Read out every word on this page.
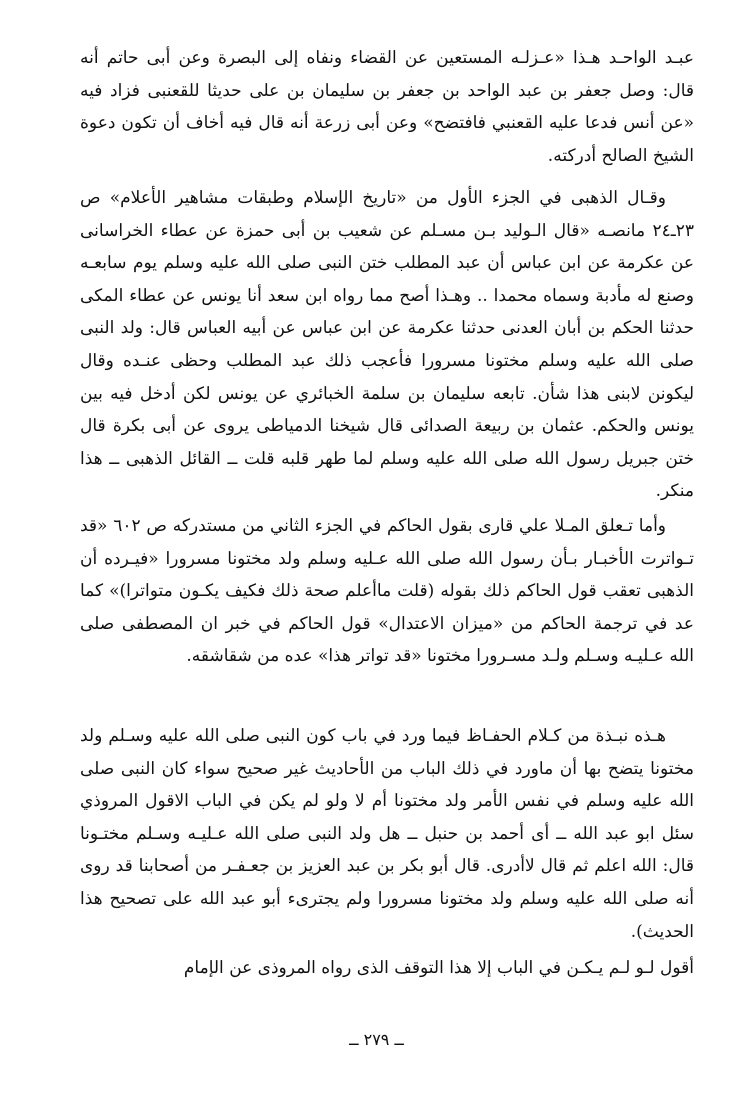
عبـد الواحـد هـذا «عـزلـه المستعين عن القضاء ونفاه إلى البصرة وعن أبى حاتم أنه قال: وصل جعفر بن عبد الواحد بن جعفر بن سليمان بن على حديثا للقعنبى فزاد فيه «عن أنس فدعا عليه القعنبي فافتضح» وعن أبى زرعة أنه قال فيه أخاف أن تكون دعوة الشيخ الصالح أدركته.

وقـال الذهبى في الجزء الأول من «تاريخ الإسلام وطبقات مشاهير الأعلام» ص ٢٣ـ٢٤ مانصـه «قال الـوليد بـن مسـلم عن شعيب بن أبى حمزة عن عطاء الخراسانى عن عكرمة عن ابن عباس أن عبد المطلب ختن النبى صلى الله عليه وسلم يوم سابعـه وصنع له مأدبة وسماه محمدا .. وهـذا أصح مما رواه ابن سعد أنا يونس عن عطاء المكى حدثنا الحكم بن أبان العدنى حدثنا عكرمة عن ابن عباس عن أبيه العباس قال: ولد النبى صلى الله عليه وسلم مختونا مسرورا فأعجب ذلك عبد المطلب وحظى عنـده وقال ليكونن لابنى هذا شأن. تابعه سليمان بن سلمة الخبائري عن يونس لكن أدخل فيه بين يونس والحكم. عثمان بن ربيعة الصدائى قال شيخنا الدمياطى يروى عن أبى بكرة قال ختن جبريل رسول الله صلى الله عليه وسلم لما طهر قلبه قلت ــ القائل الذهبى ــ هذا منكر.

وأما تـعلق المـلا علي قارى بقول الحاكم في الجزء الثاني من مستدركه ص ٦٠٢ «قد تـواترت الأخبـار بـأن رسول الله صلى الله عـليه وسلم ولد مختونا مسرورا «فيـرده أن الذهبى تعقب قول الحاكم ذلك بقوله (قلت ماأعلم صحة ذلك فكيف يكـون متواترا)» كما عد في ترجمة الحاكم من «ميزان الاعتدال» قول الحاكم في خبر ان المصطفى صلى الله عـليـه وسـلم ولـد مسـرورا مختونا «قد تواتر هذا» عده من شقاشقه.

هـذه نبـذة من كـلام الحفـاظ فيما ورد في باب كون النبى صلى الله عليه وسـلم ولد مختونا يتضح بها أن ماورد في ذلك الباب من الأحاديث غير صحيح سواء كان النبى صلى الله عليه وسلم في نفس الأمر ولد مختونا أم لا ولو لم يكن في الباب الاقول المروذي سئل ابو عبد الله ــ أى أحمد بن حنبل ــ هل ولد النبى صلى الله عـليـه وسـلم مختـونا قال: الله اعلم ثم قال لاأدرى. قال أبو بكر بن عبد العزيز بن جعـفـر من أصحابنا قد روى أنه صلى الله عليه وسلم ولد مختونا مسرورا ولم يجترىء أبو عبد الله على تصحيح هذا الحديث).

أقول لـو لـم يـكـن في الباب إلا هذا التوقف الذى رواه المروذى عن الإمام

ــ ٢٧٩ ــ
